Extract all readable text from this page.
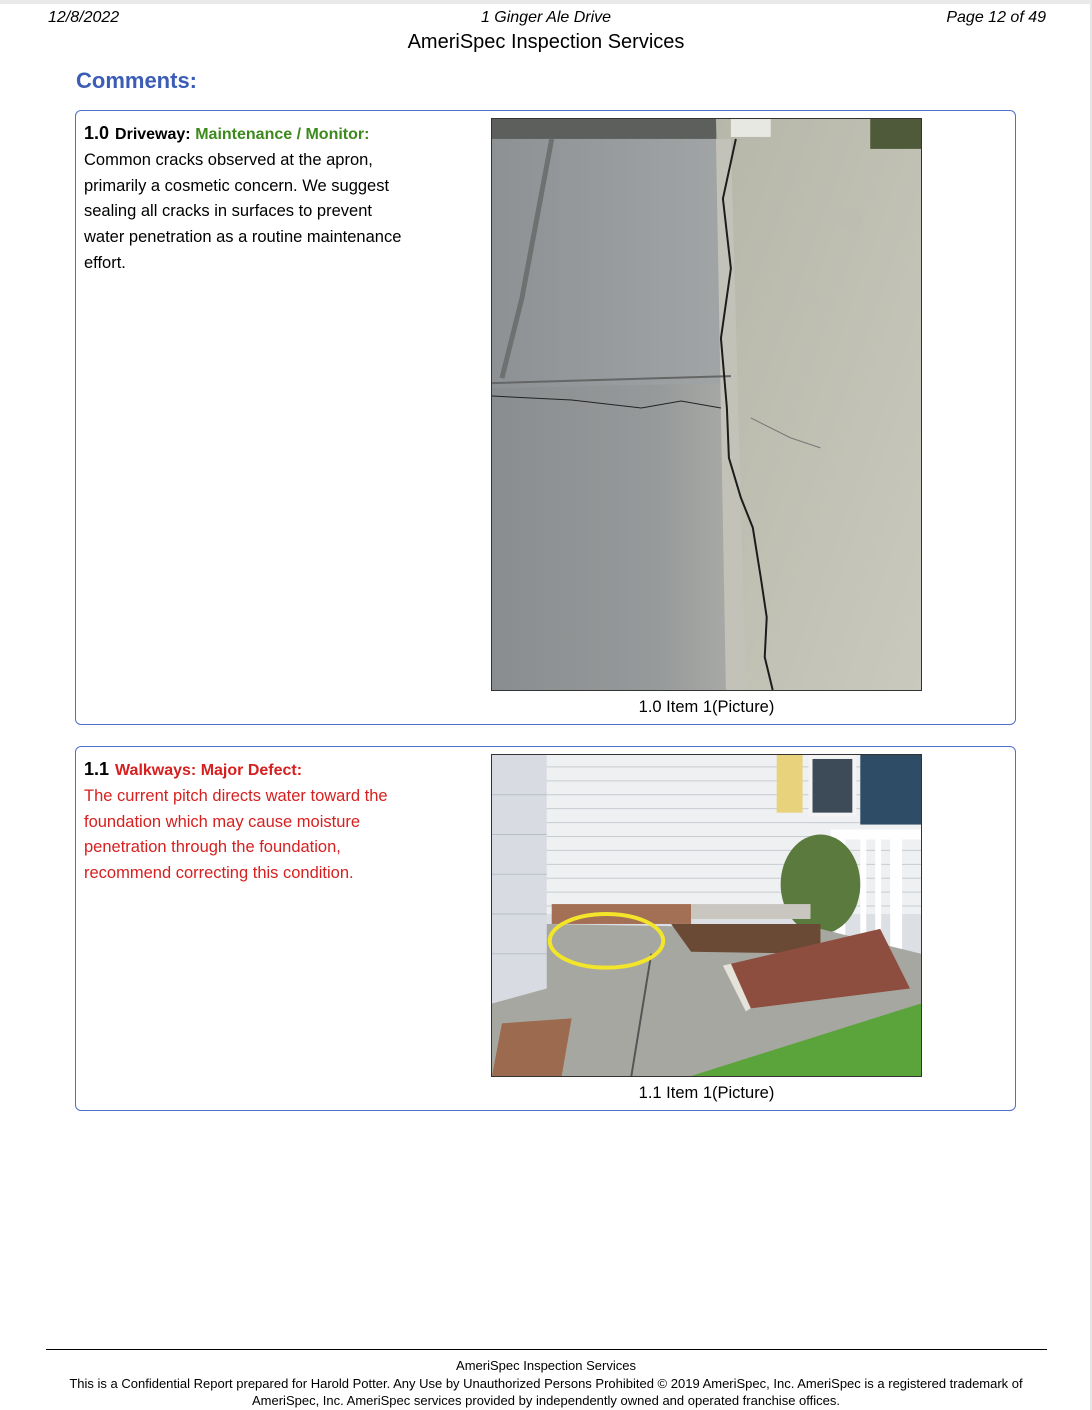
12/8/2022	1 Ginger Ale Drive	Page 12 of 49
AmeriSpec Inspection Services
Comments:
1.0 Driveway: Maintenance / Monitor:
Common cracks observed at the apron, primarily a cosmetic concern. We suggest sealing all cracks in surfaces to prevent water penetration as a routine maintenance effort.
1.0 Item 1(Picture)
1.1 Walkways: Major Defect:
The current pitch directs water toward the foundation which may cause moisture penetration through the foundation, recommend correcting this condition.
1.1 Item 1(Picture)
AmeriSpec Inspection Services
This is a Confidential Report prepared for Harold Potter. Any Use by Unauthorized Persons Prohibited © 2019 AmeriSpec, Inc. AmeriSpec is a registered trademark of AmeriSpec, Inc. AmeriSpec services provided by independently owned and operated franchise offices.
